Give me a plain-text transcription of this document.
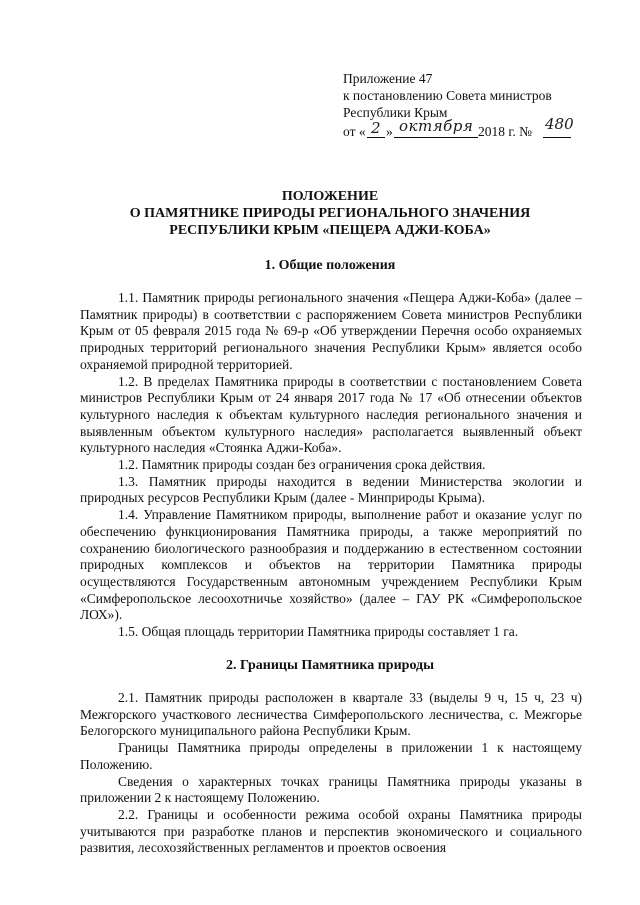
Приложение 47
к постановлению Совета министров
Республики Крым
от « 2 » октября 2018 г. № 480
ПОЛОЖЕНИЕ
О ПАМЯТНИКЕ ПРИРОДЫ РЕГИОНАЛЬНОГО ЗНАЧЕНИЯ
РЕСПУБЛИКИ КРЫМ «ПЕЩЕРА АДЖИ-КОБА»
1. Общие положения

1.1. Памятник природы регионального значения «Пещера Аджи-Коба» (далее – Памятник природы) в соответствии с распоряжением Совета министров Республики Крым от 05 февраля 2015 года № 69-р «Об утверждении Перечня особо охраняемых природных территорий регионального значения Республики Крым» является особо охраняемой природной территорией.

1.2. В пределах Памятника природы в соответствии с постановлением Совета министров Республики Крым от 24 января 2017 года № 17 «Об отнесении объектов культурного наследия к объектам культурного наследия регионального значения и выявленным объектом культурного наследия» располагается выявленный объект культурного наследия «Стоянка Аджи-Коба».

1.2. Памятник природы создан без ограничения срока действия.

1.3. Памятник природы находится в ведении Министерства экологии и природных ресурсов Республики Крым (далее - Минприроды Крыма).

1.4. Управление Памятником природы, выполнение работ и оказание услуг по обеспечению функционирования Памятника природы, а также мероприятий по сохранению биологического разнообразия и поддержанию в естественном состоянии природных комплексов и объектов на территории Памятника природы осуществляются Государственным автономным учреждением Республики Крым «Симферопольское лесоохотничье хозяйство» (далее – ГАУ РК «Симферопольское ЛОХ»).

1.5. Общая площадь территории Памятника природы составляет 1 га.

2. Границы Памятника природы

2.1. Памятник природы расположен в квартале 33 (выделы 9 ч, 15 ч, 23 ч) Межгорского участкового лесничества Симферопольского лесничества, с. Межгорье Белогорского муниципального района Республики Крым.

Границы Памятника природы определены в приложении 1 к настоящему Положению.

Сведения о характерных точках границы Памятника природы указаны в приложении 2 к настоящему Положению.

2.2. Границы и особенности режима особой охраны Памятника природы учитываются при разработке планов и перспектив экономического и социального развития, лесохозяйственных регламентов и проектов освоения
